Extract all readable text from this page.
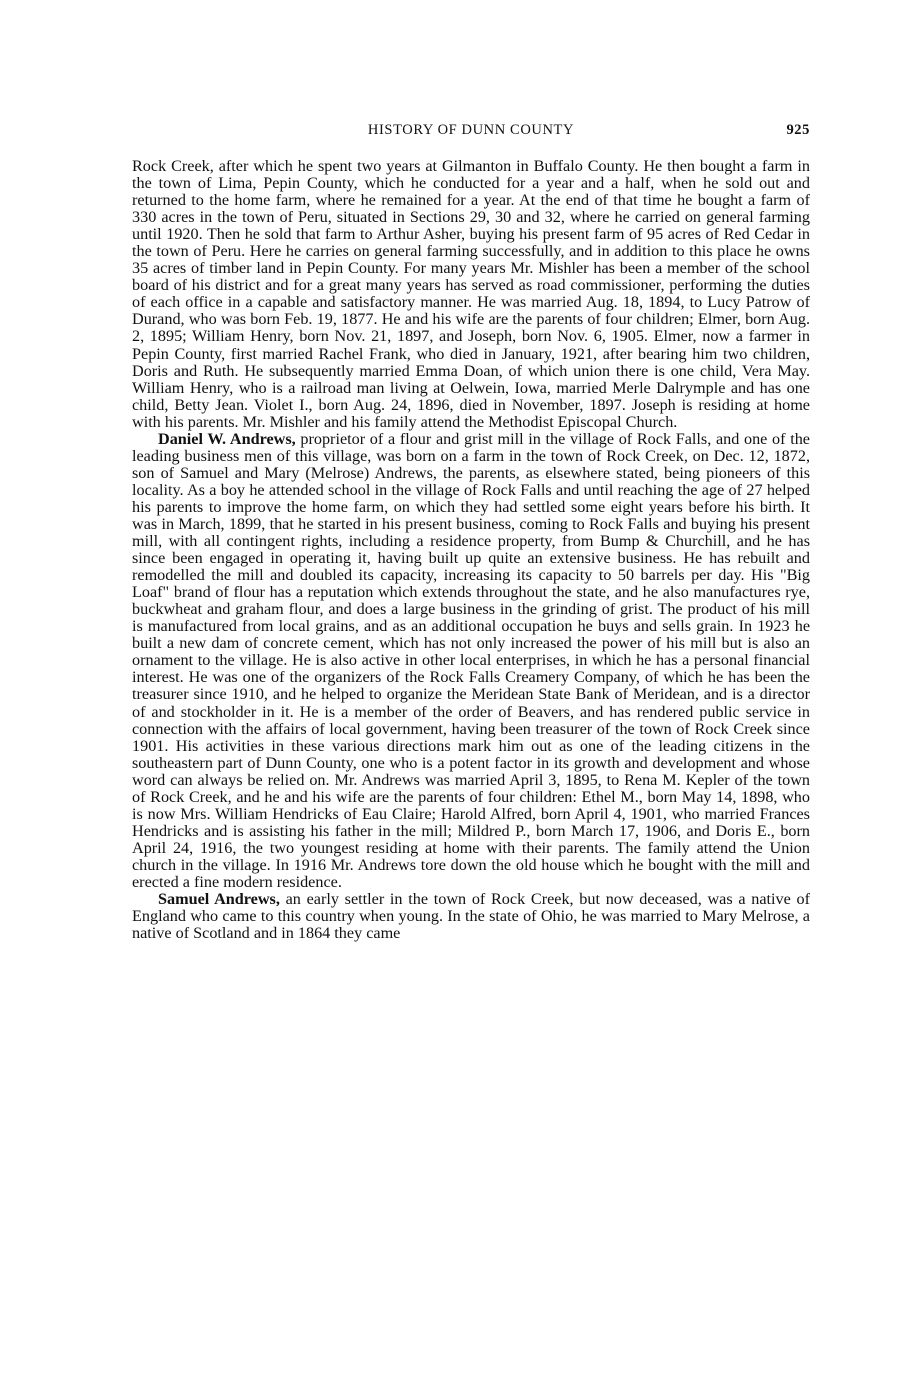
HISTORY OF DUNN COUNTY	925

Rock Creek, after which he spent two years at Gilmanton in Buffalo County. He then bought a farm in the town of Lima, Pepin County, which he conducted for a year and a half, when he sold out and returned to the home farm, where he remained for a year. At the end of that time he bought a farm of 330 acres in the town of Peru, situated in Sections 29, 30 and 32, where he carried on general farming until 1920. Then he sold that farm to Arthur Asher, buying his present farm of 95 acres of Red Cedar in the town of Peru. Here he carries on general farming successfully, and in addition to this place he owns 35 acres of timber land in Pepin County. For many years Mr. Mishler has been a member of the school board of his district and for a great many years has served as road commissioner, performing the duties of each office in a capable and satisfactory manner. He was married Aug. 18, 1894, to Lucy Patrow of Durand, who was born Feb. 19, 1877. He and his wife are the parents of four children; Elmer, born Aug. 2, 1895; William Henry, born Nov. 21, 1897, and Joseph, born Nov. 6, 1905. Elmer, now a farmer in Pepin County, first married Rachel Frank, who died in January, 1921, after bearing him two children, Doris and Ruth. He subsequently married Emma Doan, of which union there is one child, Vera May. William Henry, who is a railroad man living at Oelwein, Iowa, married Merle Dalrymple and has one child, Betty Jean. Violet I., born Aug. 24, 1896, died in November, 1897. Joseph is residing at home with his parents. Mr. Mishler and his family attend the Methodist Episcopal Church.

Daniel W. Andrews, proprietor of a flour and grist mill in the village of Rock Falls, and one of the leading business men of this village, was born on a farm in the town of Rock Creek, on Dec. 12, 1872, son of Samuel and Mary (Melrose) Andrews, the parents, as elsewhere stated, being pioneers of this locality. As a boy he attended school in the village of Rock Falls and until reaching the age of 27 helped his parents to improve the home farm, on which they had settled some eight years before his birth. It was in March, 1899, that he started in his present business, coming to Rock Falls and buying his present mill, with all contingent rights, including a residence property, from Bump & Churchill, and he has since been engaged in operating it, having built up quite an extensive business. He has rebuilt and remodelled the mill and doubled its capacity, increasing its capacity to 50 barrels per day. His "Big Loaf" brand of flour has a reputation which extends throughout the state, and he also manufactures rye, buckwheat and graham flour, and does a large business in the grinding of grist. The product of his mill is manufactured from local grains, and as an additional occupation he buys and sells grain. In 1923 he built a new dam of concrete cement, which has not only increased the power of his mill but is also an ornament to the village. He is also active in other local enterprises, in which he has a personal financial interest. He was one of the organizers of the Rock Falls Creamery Company, of which he has been the treasurer since 1910, and he helped to organize the Meridean State Bank of Meridean, and is a director of and stockholder in it. He is a member of the order of Beavers, and has rendered public service in connection with the affairs of local government, having been treasurer of the town of Rock Creek since 1901. His activities in these various directions mark him out as one of the leading citizens in the southeastern part of Dunn County, one who is a potent factor in its growth and development and whose word can always be relied on. Mr. Andrews was married April 3, 1895, to Rena M. Kepler of the town of Rock Creek, and he and his wife are the parents of four children: Ethel M., born May 14, 1898, who is now Mrs. William Hendricks of Eau Claire; Harold Alfred, born April 4, 1901, who married Frances Hendricks and is assisting his father in the mill; Mildred P., born March 17, 1906, and Doris E., born April 24, 1916, the two youngest residing at home with their parents. The family attend the Union church in the village. In 1916 Mr. Andrews tore down the old house which he bought with the mill and erected a fine modern residence.

Samuel Andrews, an early settler in the town of Rock Creek, but now deceased, was a native of England who came to this country when young. In the state of Ohio, he was married to Mary Melrose, a native of Scotland and in 1864 they came
